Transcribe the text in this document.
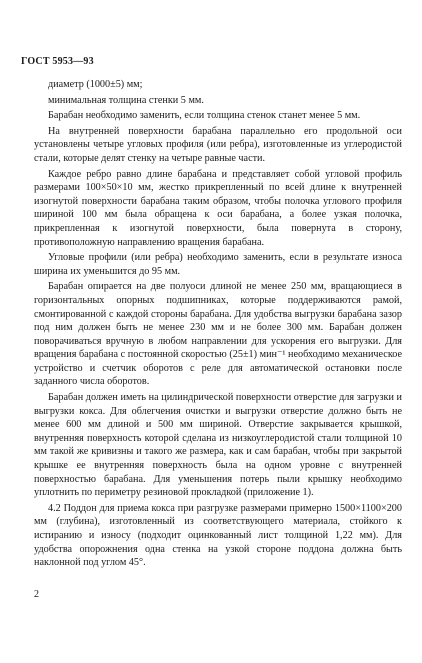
ГОСТ 5953—93

диаметр (1000±5) мм;

минимальная толщина стенки 5 мм.

Барабан необходимо заменить, если толщина стенок станет менее 5 мм.

На внутренней поверхности барабана параллельно его продольной оси установлены четыре угловых профиля (или ребра), изготовленные из углеродистой стали, которые делят стенку на четыре равные части.

Каждое ребро равно длине барабана и представляет собой угловой профиль размерами 100×50×10 мм, жестко прикрепленный по всей длине к внутренней изогнутой поверхности барабана таким образом, чтобы полочка углового профиля шириной 100 мм была обращена к оси барабана, а более узкая полочка, прикрепленная к изогнутой поверхности, была повернута в сторону, противоположную направлению вращения барабана.

Угловые профили (или ребра) необходимо заменить, если в результате износа ширина их уменьшится до 95 мм.

Барабан опирается на две полуоси длиной не менее 250 мм, вращающиеся в горизонтальных опорных подшипниках, которые поддерживаются рамой, смонтированной с каждой стороны барабана. Для удобства выгрузки барабана зазор под ним должен быть не менее 230 мм и не более 300 мм. Барабан должен поворачиваться вручную в любом направлении для ускорения его выгрузки. Для вращения барабана с постоянной скоростью (25±1) мин⁻¹ необходимо механическое устройство и счетчик оборотов с реле для автоматической остановки после заданного числа оборотов.

Барабан должен иметь на цилиндрической поверхности отверстие для загрузки и выгрузки кокса. Для облегчения очистки и выгрузки отверстие должно быть не менее 600 мм длиной и 500 мм шириной. Отверстие закрывается крышкой, внутренняя поверхность которой сделана из низкоуглеродистой стали толщиной 10 мм такой же кривизны и такого же размера, как и сам барабан, чтобы при закрытой крышке ее внутренняя поверхность была на одном уровне с внутренней поверхностью барабана. Для уменьшения потерь пыли крышку необходимо уплотнить по периметру резиновой прокладкой (приложение 1).

4.2 Поддон для приема кокса при разгрузке размерами примерно 1500×1100×200 мм (глубина), изготовленный из соответствующего материала, стойкого к истиранию и износу (подходит оцинкованный лист толщиной 1,22 мм). Для удобства опорожнения одна стенка на узкой стороне поддона должна быть наклонной под углом 45°.

2
